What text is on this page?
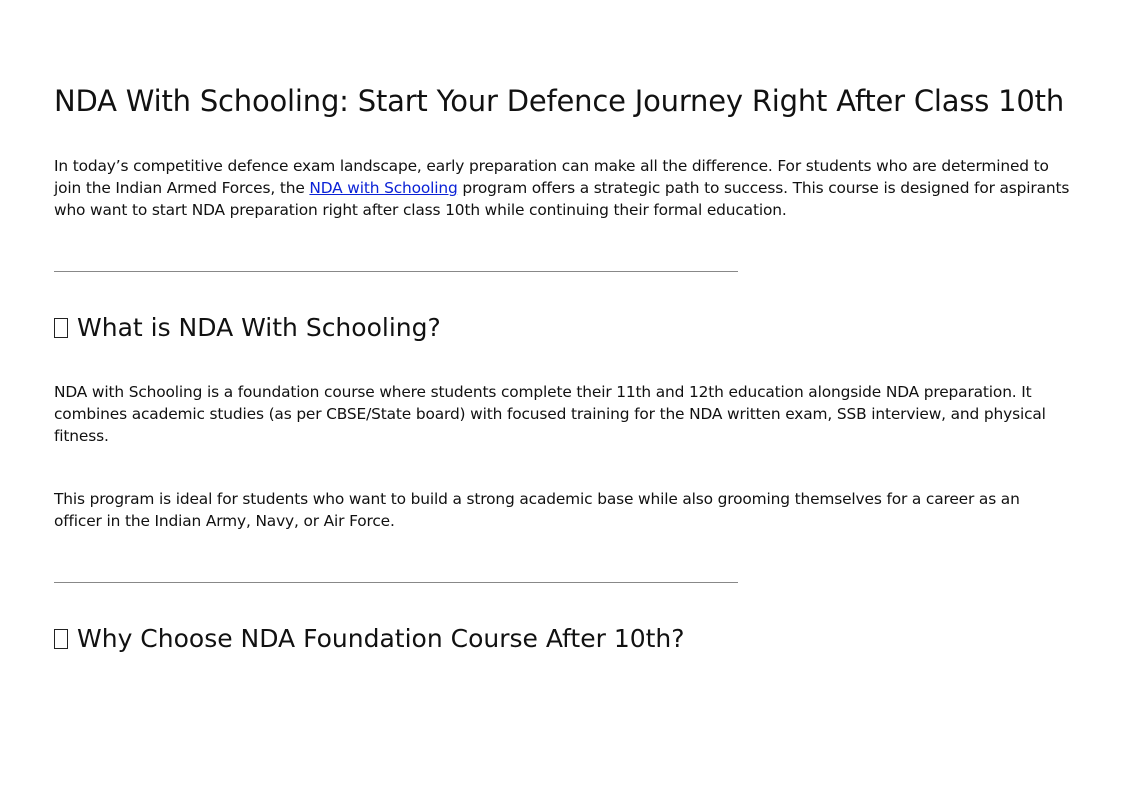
NDA With Schooling: Start Your Defence Journey Right After Class 10th

In today’s competitive defence exam landscape, early preparation can make all the difference. For students who are determined to join the Indian Armed Forces, the NDA with Schooling program offers a strategic path to success. This course is designed for aspirants who want to start NDA preparation right after class 10th while continuing their formal education.

What is NDA With Schooling?

NDA with Schooling is a foundation course where students complete their 11th and 12th education alongside NDA preparation. It combines academic studies (as per CBSE/State board) with focused training for the NDA written exam, SSB interview, and physical fitness.

This program is ideal for students who want to build a strong academic base while also grooming themselves for a career as an officer in the Indian Army, Navy, or Air Force.

Why Choose NDA Foundation Course After 10th?
